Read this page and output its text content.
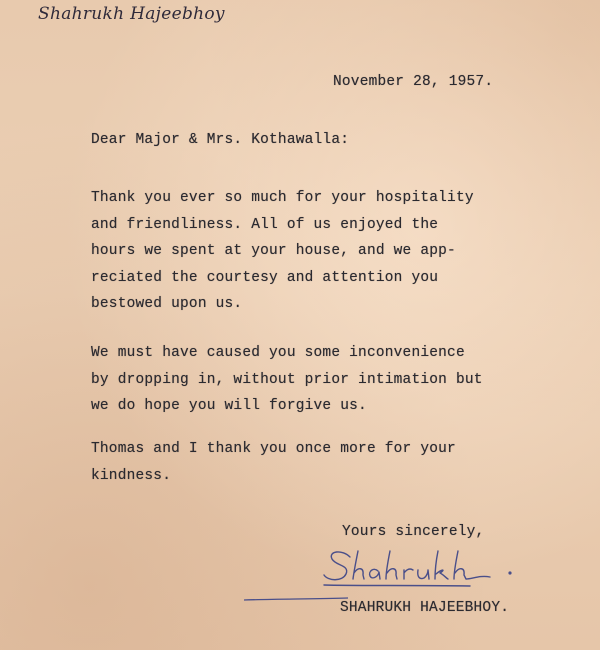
Shahrukh Hajeebhoy
November 28, 1957.
Dear Major & Mrs. Kothawalla:
Thank you ever so much for your hospitality
and friendliness. All of us enjoyed the
hours we spent at your house, and we app-
reciated the courtesy and attention you
bestowed upon us.
We must have caused you some inconvenience
by dropping in, without prior intimation but
we do hope you will forgive us.
Thomas and I thank you once more for your
kindness.
Yours sincerely,
SHAHRUKH HAJEEBHOY.
